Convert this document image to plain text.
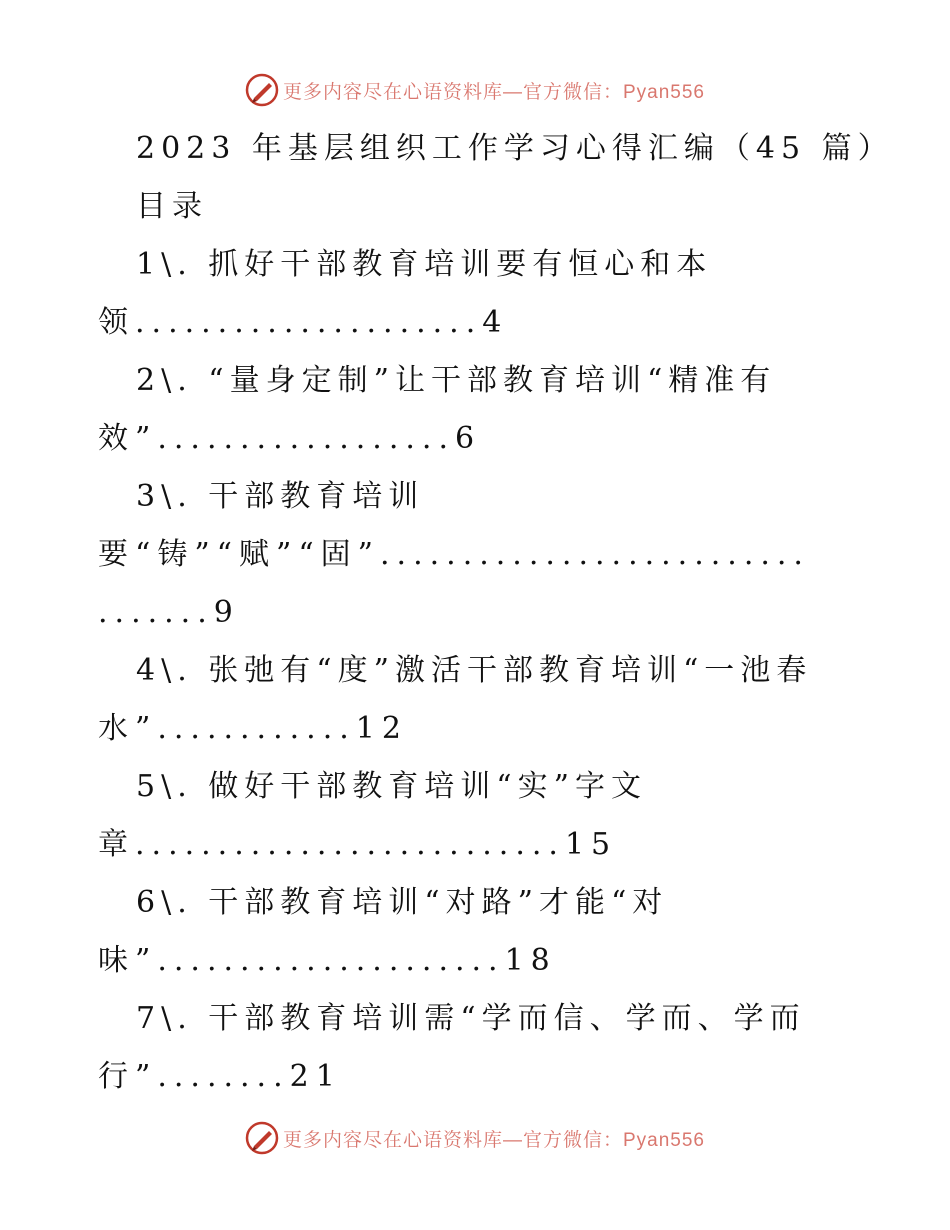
更多内容尽在心语资料库—官方微信：Pyan556
2023 年基层组织工作学习心得汇编（45 篇）
目录
1\. 抓好干部教育培训要有恒心和本
领.....................4
2\. “量身定制”让干部教育培训“精准有
效”..................6
3\. 干部教育培训
要“铸”“赋”“固”..........................
.......9
4\. 张弛有“度”激活干部教育培训“一池春
水”............12
5\. 做好干部教育培训“实”字文
章..........................15
6\. 干部教育培训“对路”才能“对
味”.....................18
7\. 干部教育培训需“学而信、学而、学而
行”........21
更多内容尽在心语资料库—官方微信：Pyan556
